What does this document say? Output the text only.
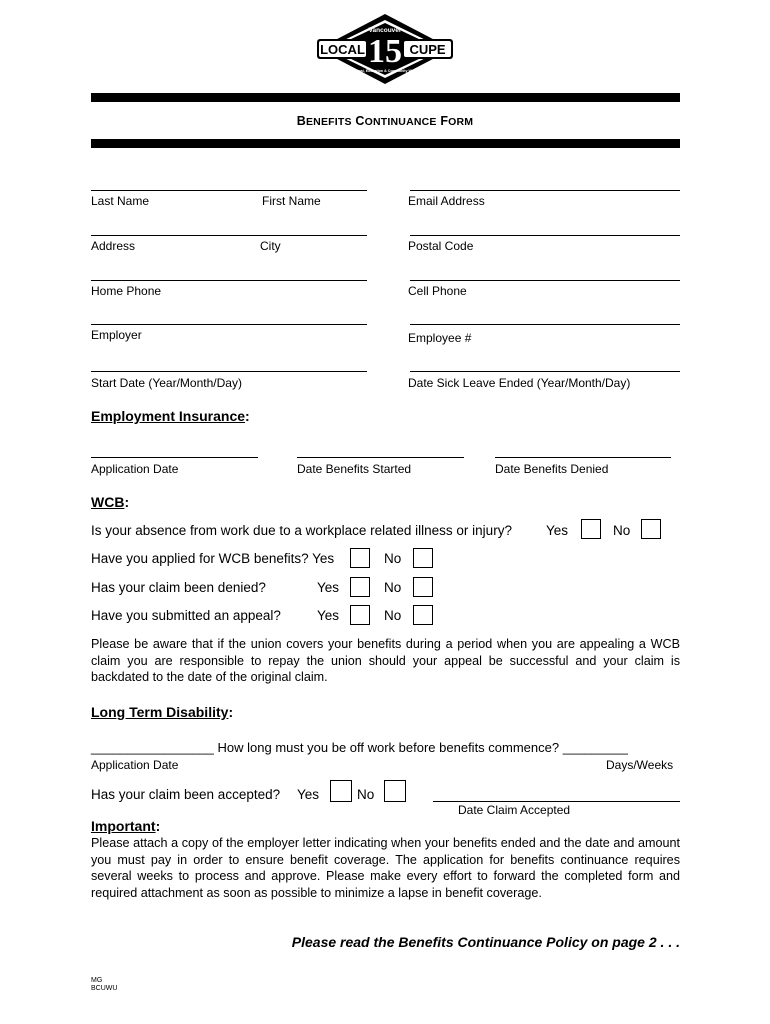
LOCAL	CUPE
15
Vancouver
Municipal, Education & Community Workers
BENEFITS CONTINUANCE FORM
Last Name	First Name	Email Address
Address	City	Postal Code
Home Phone	Cell Phone
Employer	Employee #
Start Date (Year/Month/Day)	Date Sick Leave Ended (Year/Month/Day)
Employment Insurance:
Application Date	Date Benefits Started	Date Benefits Denied
WCB:
Is your absence from work due to a workplace related illness or injury?	Yes	No
Have you applied for WCB benefits? Yes	No
Has your claim been denied?	Yes	No
Have you submitted an appeal?	Yes	No
Please be aware that if the union covers your benefits during a period when you are appealing a WCB claim you are responsible to repay the union should your appeal be successful and your claim is backdated to the date of the original claim.
Long Term Disability:
_________________ How long must you be off work before benefits commence? _________
Application Date	Days/Weeks
Has your claim been accepted? Yes	No
Date Claim Accepted
Important:
Please attach a copy of the employer letter indicating when your benefits ended and the date and amount you must pay in order to ensure benefit coverage. The application for benefits continuance requires several weeks to process and approve. Please make every effort to forward the completed form and required attachment as soon as possible to minimize a lapse in benefit coverage.
Please read the Benefits Continuance Policy on page 2 . . .
MG
BCUWU
